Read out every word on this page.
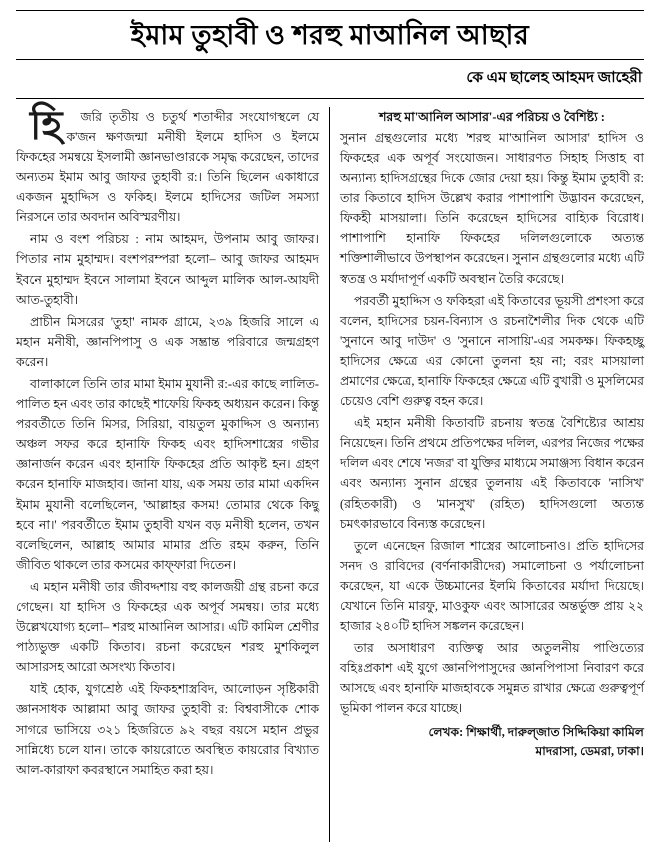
ইমাম তুহাবী ও শরহু মাআনিল আছার
কে এম ছালেহ আহমদ জাহেরী

হি	জরি তৃতীয় ও চতুর্থ শতাব্দীর সংযোগস্থলে যে ক'জন ক্ষণজন্মা মনীষী ইলমে হাদিস ও ইলমে ফিকহের সমন্বয়ে ইসলামী জ্ঞানভাণ্ডারকে সমৃদ্ধ করেছেন, তাদের অন্যতম ইমাম আবু জাফর তুহাবী র:। তিনি ছিলেন একাধারে একজন মুহাদ্দিস ও ফকিহ। ইলমে হাদিসের জটিল সমস্যা নিরসনে তার অবদান অবিস্মরণীয়।

নাম ও বংশ পরিচয় : নাম আহমদ, উপনাম আবু জাফর। পিতার নাম মুহাম্মদ। বংশপরম্পরা হলো– আবু জাফর আহমদ ইবনে মুহাম্মদ ইবনে সালামা ইবনে আব্দুল মালিক আল-আযদী আত-তুহাবী।

প্রাচীন মিসরের 'তুহা' নামক গ্রামে, ২৩৯ হিজরি সালে এ মহান মনীষী, জ্ঞানপিপাসু ও এক সম্ভ্রান্ত পরিবারে জন্মগ্রহণ করেন।

বালাকালে তিনি তার মামা ইমাম মুযানী র:-এর কাছে লালিত-পালিত হন এবং তার কাছেই শাফেয়ি ফিকহ অধ্যয়ন করেন। কিন্তু পরবর্তীতে তিনি মিসর, সিরিয়া, বায়তুল মুকাদ্দিস ও অন্যান্য অঞ্চল সফর করে হানাফি ফিকহ এবং হাদিসশাস্ত্রের গভীর জ্ঞানার্জন করেন এবং হানাফি ফিকহের প্রতি আকৃষ্ট হন। গ্রহণ করেন হানাফি মাজহাব। জানা যায়, এক সময় তার মামা একদিন ইমাম মুযানী বলেছিলেন, 'আল্লাহর কসম! তোমার থেকে কিছু হবে না।' পরবর্তীতে ইমাম তুহাবী যখন বড় মনীষী হলেন, তখন বলেছিলেন, আল্লাহ আমার মামার প্রতি রহম করুন, তিনি জীবিত থাকলে তার কসমের কাফ্ফারা দিতেন।

এ মহান মনীষী তার জীবদ্দশায় বহু কালজয়ী গ্রন্থ রচনা করে গেছেন। যা হাদিস ও ফিকহের এক অপূর্ব সমন্বয়। তার মধ্যে উল্লেখযোগ্য হলো– শরহু মাআনিল আসার। এটি কামিল শ্রেণীর পাঠ্যভুক্ত একটি কিতাব। রচনা করেছেন শরহু মুশকিলুল আসারসহ আরো অসংখ্য কিতাব।

যাই হোক, যুগশ্রেষ্ঠ এই ফিকহশাস্ত্রবিদ, আলোড়ন সৃষ্টিকারী জ্ঞানসাধক আল্লামা আবু জাফর তুহাবী র: বিশ্ববাসীকে শোক সাগরে ভাসিয়ে ৩২১ হিজরিতে ৯২ বছর বয়সে মহান প্রভুর সান্নিধ্যে চলে যান। তাকে কায়রোতে অবস্থিত কায়রোর বিখ্যাত আল-কারাফা কবরস্থানে সমাহিত করা হয়।

শরহু মা'আনিল আসার'-এর পরিচয় ও বৈশিষ্ট্য :
সুনান গ্রন্থগুলোর মধ্যে 'শরহু মা'আনিল আসার' হাদিস ও ফিকহের এক অপূর্ব সংযোজন। সাধারণত সিহাহ সিত্তাহ বা অন্যান্য হাদিসগ্রন্থের দিকে জোর দেয়া হয়। কিন্তু ইমাম তুহাবী র: তার কিতাবে হাদিস উল্লেখ করার পাশাপাশি উদ্ভাবন করেছেন, ফিকহী মাসয়ালা। তিনি করেছেন হাদিসের বাহ্যিক বিরোধ। পাশাপাশি হানাফি ফিকহের দলিলগুলোকে অত্যন্ত শক্তিশালীভাবে উপস্থাপন করেছেন। সুনান গ্রন্থগুলোর মধ্যে এটি স্বতন্ত্র ও মর্যাদাপূর্ণ একটি অবস্থান তৈরি করেছে।

পরবর্তী মুহাদ্দিস ও ফকিহরা এই কিতাবের ভূয়সী প্রশংসা করে বলেন, হাদিসের চয়ন-বিন্যাস ও রচনাশৈলীর দিক থেকে এটি 'সুনানে আবু দাউদ' ও 'সুনানে নাসায়ি'-এর সমকক্ষ। ফিকহচ্ছু হাদিসের ক্ষেত্রে এর কোনো তুলনা হয় না; বরং মাসয়ালা প্রমাণের ক্ষেত্রে, হানাফি ফিকহের ক্ষেত্রে এটি বুখারী ও মুসলিমের চেয়েও বেশি গুরুত্ব বহন করে।

এই মহান মনীষী কিতাবটি রচনায় স্বতন্ত্র বৈশিষ্ট্যের আশ্রয় নিয়েছেন। তিনি প্রথমে প্রতিপক্ষের দলিল, এরপর নিজের পক্ষের দলিল এবং শেষে 'নজর' বা যুক্তির মাধ্যমে সমাঞ্জস্য বিধান করেন এবং অন্যান্য সুনান গ্রন্থের তুলনায় এই কিতাবকে 'নাসিখ' (রহিতকারী) ও 'মানসুখ' (রহিত) হাদিসগুলো অত্যন্ত চমৎকারভাবে বিন্যস্ত করেছেন।

তুলে এনেছেন রিজাল শাস্ত্রের আলোচনাও। প্রতি হাদিসের সনদ ও রাবিদের (বর্ণনাকারীদের) সমালোচনা ও পর্যালোচনা করেছেন, যা একে উচ্চমানের ইলমি কিতাবের মর্যাদা দিয়েছে। যেখানে তিনি মারফু, মাওকুফ এবং আসারের অন্তর্ভুক্ত প্রায় ২২ হাজার ২৪০টি হাদিস সঙ্কলন করেছেন।

তার অসাধারণ ব্যক্তিত্ব আর অতুলনীয় পাণ্ডিত্যের বহিঃপ্রকাশ এই যুগে জ্ঞানপিপাসুদের জ্ঞানপিপাসা নিবারণ করে আসছে এবং হানাফি মাজহাবকে সমুন্নত রাখার ক্ষেত্রে গুরুত্বপূর্ণ ভূমিকা পালন করে যাচ্ছে।

লেখক: শিক্ষার্থী, দারুল্জাত সিদ্দিকিয়া কামিল
মাদরাসা, ডেমরা, ঢাকা।
